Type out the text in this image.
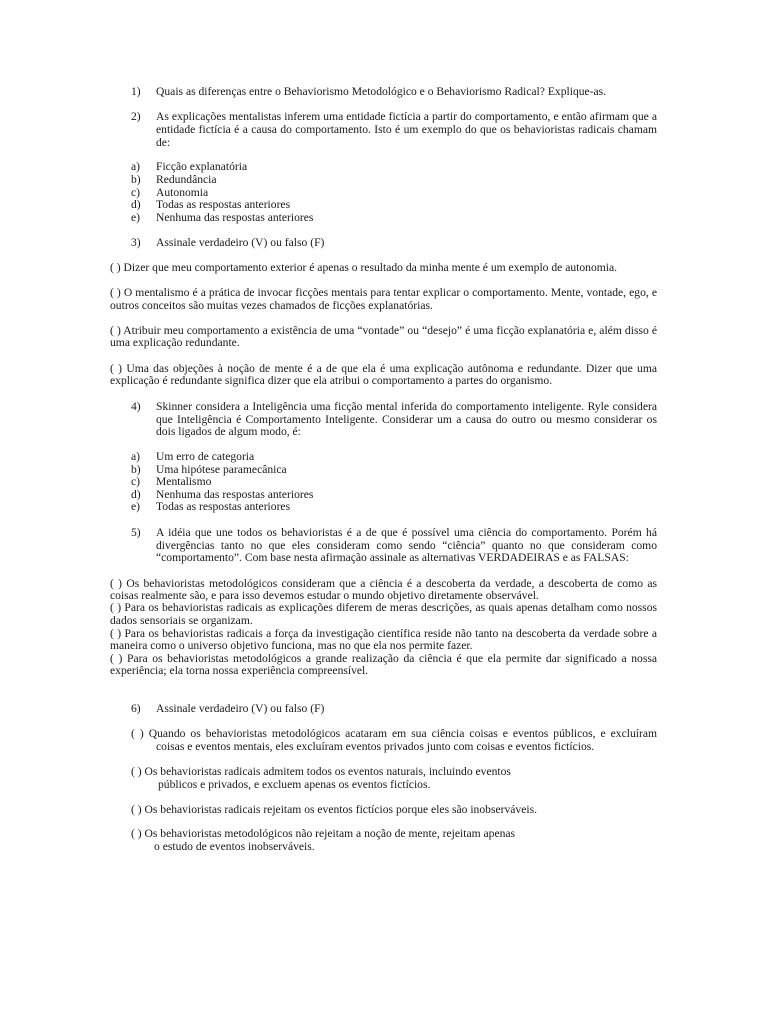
1) Quais as diferenças entre o Behaviorismo Metodológico e o Behaviorismo Radical? Explique-as.
2) As explicações mentalistas inferem uma entidade fictícia a partir do comportamento, e então afirmam que a
entidade fictícia é a causa do comportamento. Isto é um exemplo do que os behavioristas radicais chamam
de:
a) Ficção explanatória
b) Redundância
c) Autonomia
d) Todas as respostas anteriores
e) Nenhuma das respostas anteriores
3) Assinale verdadeiro (V) ou falso (F)
( ) Dizer que meu comportamento exterior é apenas o resultado da minha mente é um exemplo de autonomia.
( ) O mentalismo é a prática de invocar ficções mentais para tentar explicar o comportamento. Mente, vontade, ego, e
outros conceitos são muitas vezes chamados de ficções explanatórias.
( ) Atribuir meu comportamento a existência de uma “vontade” ou “desejo” é uma ficção explanatória e, além disso é
uma explicação redundante.
( ) Uma das objeções à noção de mente é a de que ela é uma explicação autônoma e redundante. Dizer que uma
explicação é redundante significa dizer que ela atribui o comportamento a partes do organismo.
4) Skinner considera a Inteligência uma ficção mental inferida do comportamento inteligente. Ryle considera
que Inteligência é Comportamento Inteligente. Considerar um a causa do outro ou mesmo considerar os
dois ligados de algum modo, é:
a) Um erro de categoria
b) Uma hipótese paramecânica
c) Mentalismo
d) Nenhuma das respostas anteriores
e) Todas as respostas anteriores
5) A idéia que une todos os behavioristas é a de que é possível uma ciência do comportamento. Porém há
divergências tanto no que eles consideram como sendo “ciência” quanto no que consideram como
“comportamento”. Com base nesta afirmação assinale as alternativas VERDADEIRAS e as FALSAS:
( ) Os behavioristas metodológicos consideram que a ciência é a descoberta da verdade, a descoberta de como as
coisas realmente são, e para isso devemos estudar o mundo objetivo diretamente observável.
( ) Para os behavioristas radicais as explicações diferem de meras descrições, as quais apenas detalham como nossos
dados sensoriais se organizam.
( ) Para os behavioristas radicais a força da investigação científica reside não tanto na descoberta da verdade sobre a
maneira como o universo objetivo funciona, mas no que ela nos permite fazer.
( ) Para os behavioristas metodológicos a grande realização da ciência é que ela permite dar significado a nossa
experiência; ela torna nossa experiência compreensível.
6) Assinale verdadeiro (V) ou falso (F)
( ) Quando os behavioristas metodológicos acataram em sua ciência coisas e eventos públicos, e excluíram
coisas e eventos mentais, eles excluíram eventos privados junto com coisas e eventos fictícios.
( ) Os behavioristas radicais admitem todos os eventos naturais, incluindo eventos
públicos e privados, e excluem apenas os eventos fictícios.
( ) Os behavioristas radicais rejeitam os eventos fictícios porque eles são inobserváveis.
( ) Os behavioristas metodológicos não rejeitam a noção de mente, rejeitam apenas
o estudo de eventos inobserváveis.
